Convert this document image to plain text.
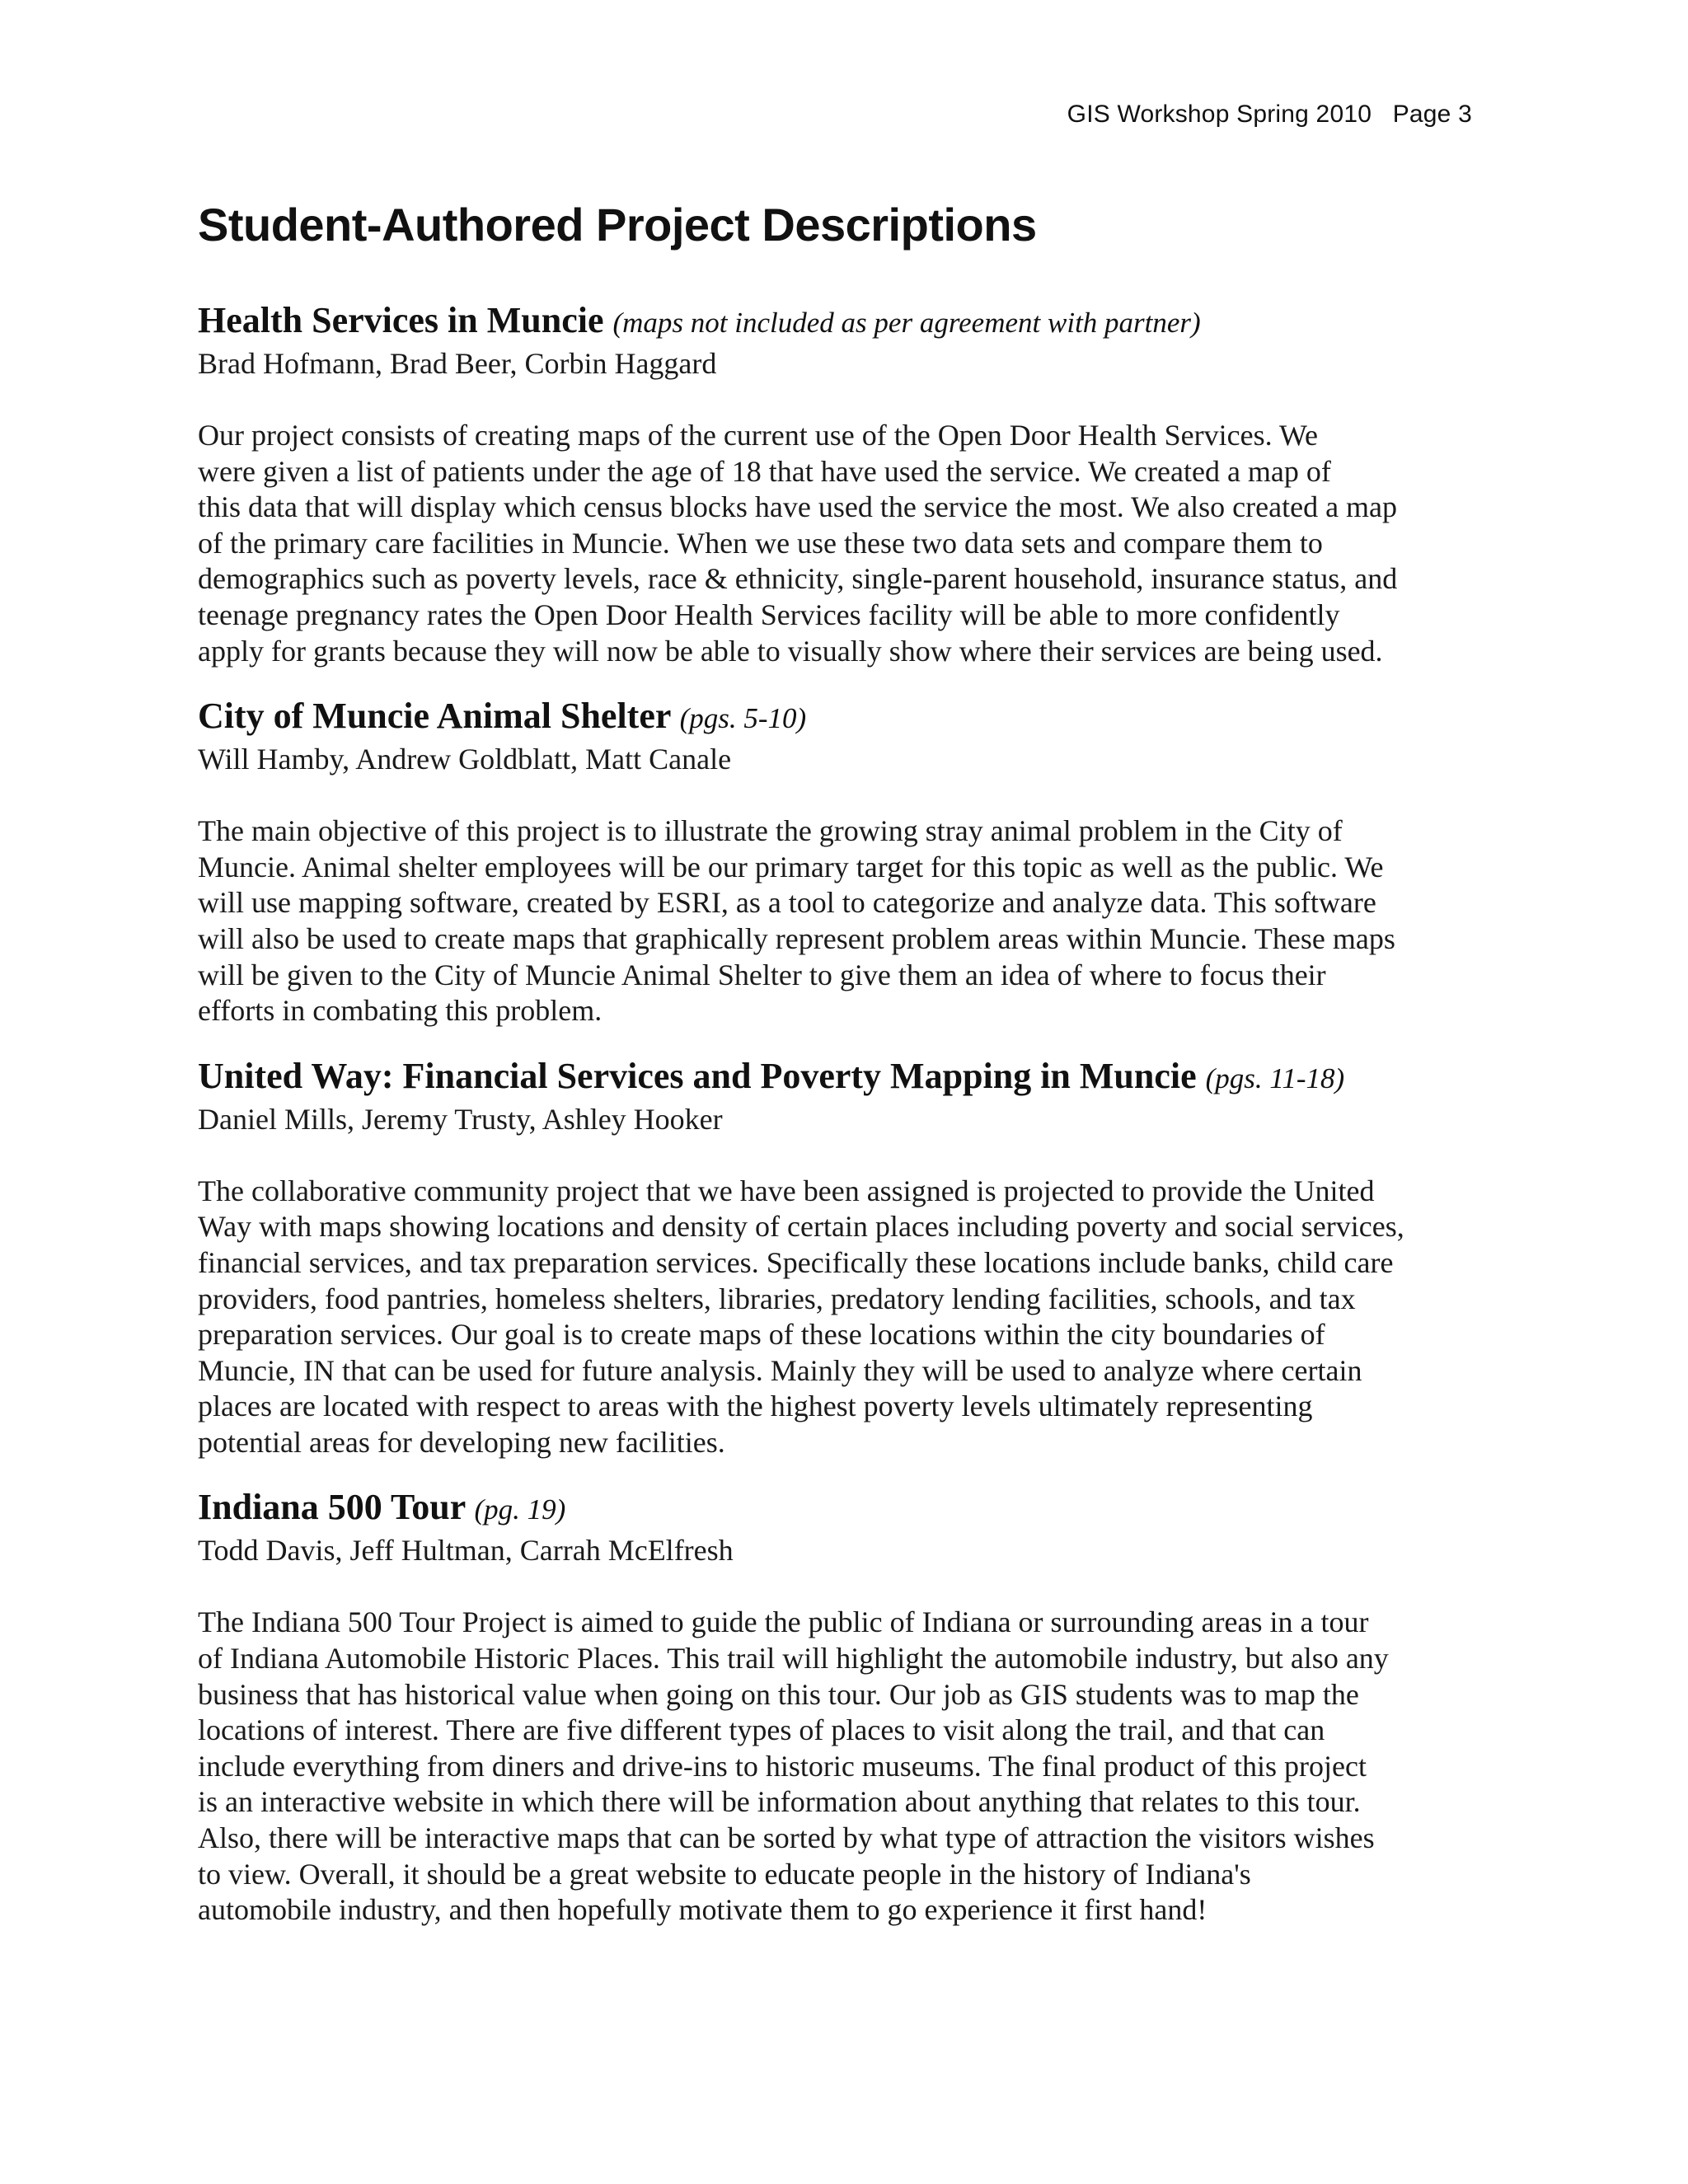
GIS Workshop Spring 2010   Page 3
Student-Authored Project Descriptions
Health Services in Muncie (maps not included as per agreement with partner)

Brad Hofmann, Brad Beer, Corbin Haggard

Our project consists of creating maps of the current use of the Open Door Health Services. We
were given a list of patients under the age of 18 that have used the service. We created a map of
this data that will display which census blocks have used the service the most. We also created a map
of the primary care facilities in Muncie. When we use these two data sets and compare them to
demographics such as poverty levels, race & ethnicity, single-parent household, insurance status, and
teenage pregnancy rates the Open Door Health Services facility will be able to more confidently
apply for grants because they will now be able to visually show where their services are being used.

City of Muncie Animal Shelter (pgs. 5-10)

Will Hamby, Andrew Goldblatt, Matt Canale

The main objective of this project is to illustrate the growing stray animal problem in the City of
Muncie. Animal shelter employees will be our primary target for this topic as well as the public. We
will use mapping software, created by ESRI, as a tool to categorize and analyze data. This software
will also be used to create maps that graphically represent problem areas within Muncie. These maps
will be given to the City of Muncie Animal Shelter to give them an idea of where to focus their
efforts in combating this problem.

United Way: Financial Services and Poverty Mapping in Muncie (pgs. 11-18)

Daniel Mills, Jeremy Trusty, Ashley Hooker

The collaborative community project that we have been assigned is projected to provide the United
Way with maps showing locations and density of certain places including poverty and social services,
financial services, and tax preparation services. Specifically these locations include banks, child care
providers, food pantries, homeless shelters, libraries, predatory lending facilities, schools, and tax
preparation services. Our goal is to create maps of these locations within the city boundaries of
Muncie, IN that can be used for future analysis. Mainly they will be used to analyze where certain
places are located with respect to areas with the highest poverty levels ultimately representing
potential areas for developing new facilities.

Indiana 500 Tour (pg. 19)

Todd Davis, Jeff Hultman, Carrah McElfresh

The Indiana 500 Tour Project is aimed to guide the public of Indiana or surrounding areas in a tour
of Indiana Automobile Historic Places. This trail will highlight the automobile industry, but also any
business that has historical value when going on this tour. Our job as GIS students was to map the
locations of interest. There are five different types of places to visit along the trail, and that can
include everything from diners and drive-ins to historic museums. The final product of this project
is an interactive website in which there will be information about anything that relates to this tour.
Also, there will be interactive maps that can be sorted by what type of attraction the visitors wishes
to view. Overall, it should be a great website to educate people in the history of Indiana's
automobile industry, and then hopefully motivate them to go experience it first hand!
